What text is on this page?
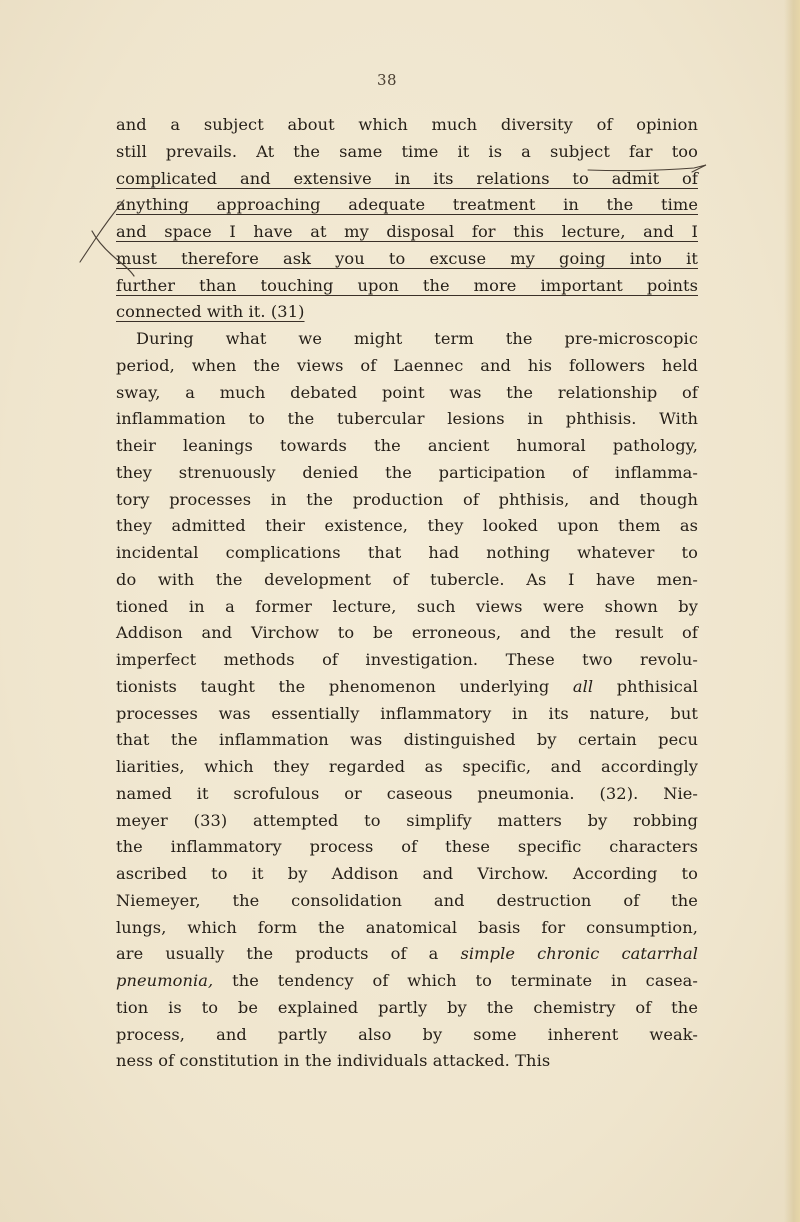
38
and a subject about which much diversity of opinion
still prevails. At the same time it is a subject far too
complicated and extensive in its relations to admit of
anything approaching adequate treatment in the time
and space I have at my disposal for this lecture, and I
must therefore ask you to excuse my going into it
further than touching upon the more important points
connected with it. (31)
During what we might term the pre-microscopic
period, when the views of Laennec and his followers held
sway, a much debated point was the relationship of
inflammation to the tubercular lesions in phthisis. With
their leanings towards the ancient humoral pathology,
they strenuously denied the participation of inflamma-
tory processes in the production of phthisis, and though
they admitted their existence, they looked upon them as
incidental complications that had nothing whatever to
do with the development of tubercle. As I have men-
tioned in a former lecture, such views were shown by
Addison and Virchow to be erroneous, and the result of
imperfect methods of investigation. These two revolu-
tionists taught the phenomenon underlying all phthisical
processes was essentially inflammatory in its nature, but
that the inflammation was distinguished by certain pecu
liarities, which they regarded as specific, and accordingly
named it scrofulous or caseous pneumonia. (32). Nie-
meyer (33) attempted to simplify matters by robbing
the inflammatory process of these specific characters
ascribed to it by Addison and Virchow. According to
Niemeyer, the consolidation and destruction of the
lungs, which form the anatomical basis for consumption,
are usually the products of a simple chronic catarrhal
pneumonia, the tendency of which to terminate in casea-
tion is to be explained partly by the chemistry of the
process, and partly also by some inherent weak-
ness of constitution in the individuals attacked. This
